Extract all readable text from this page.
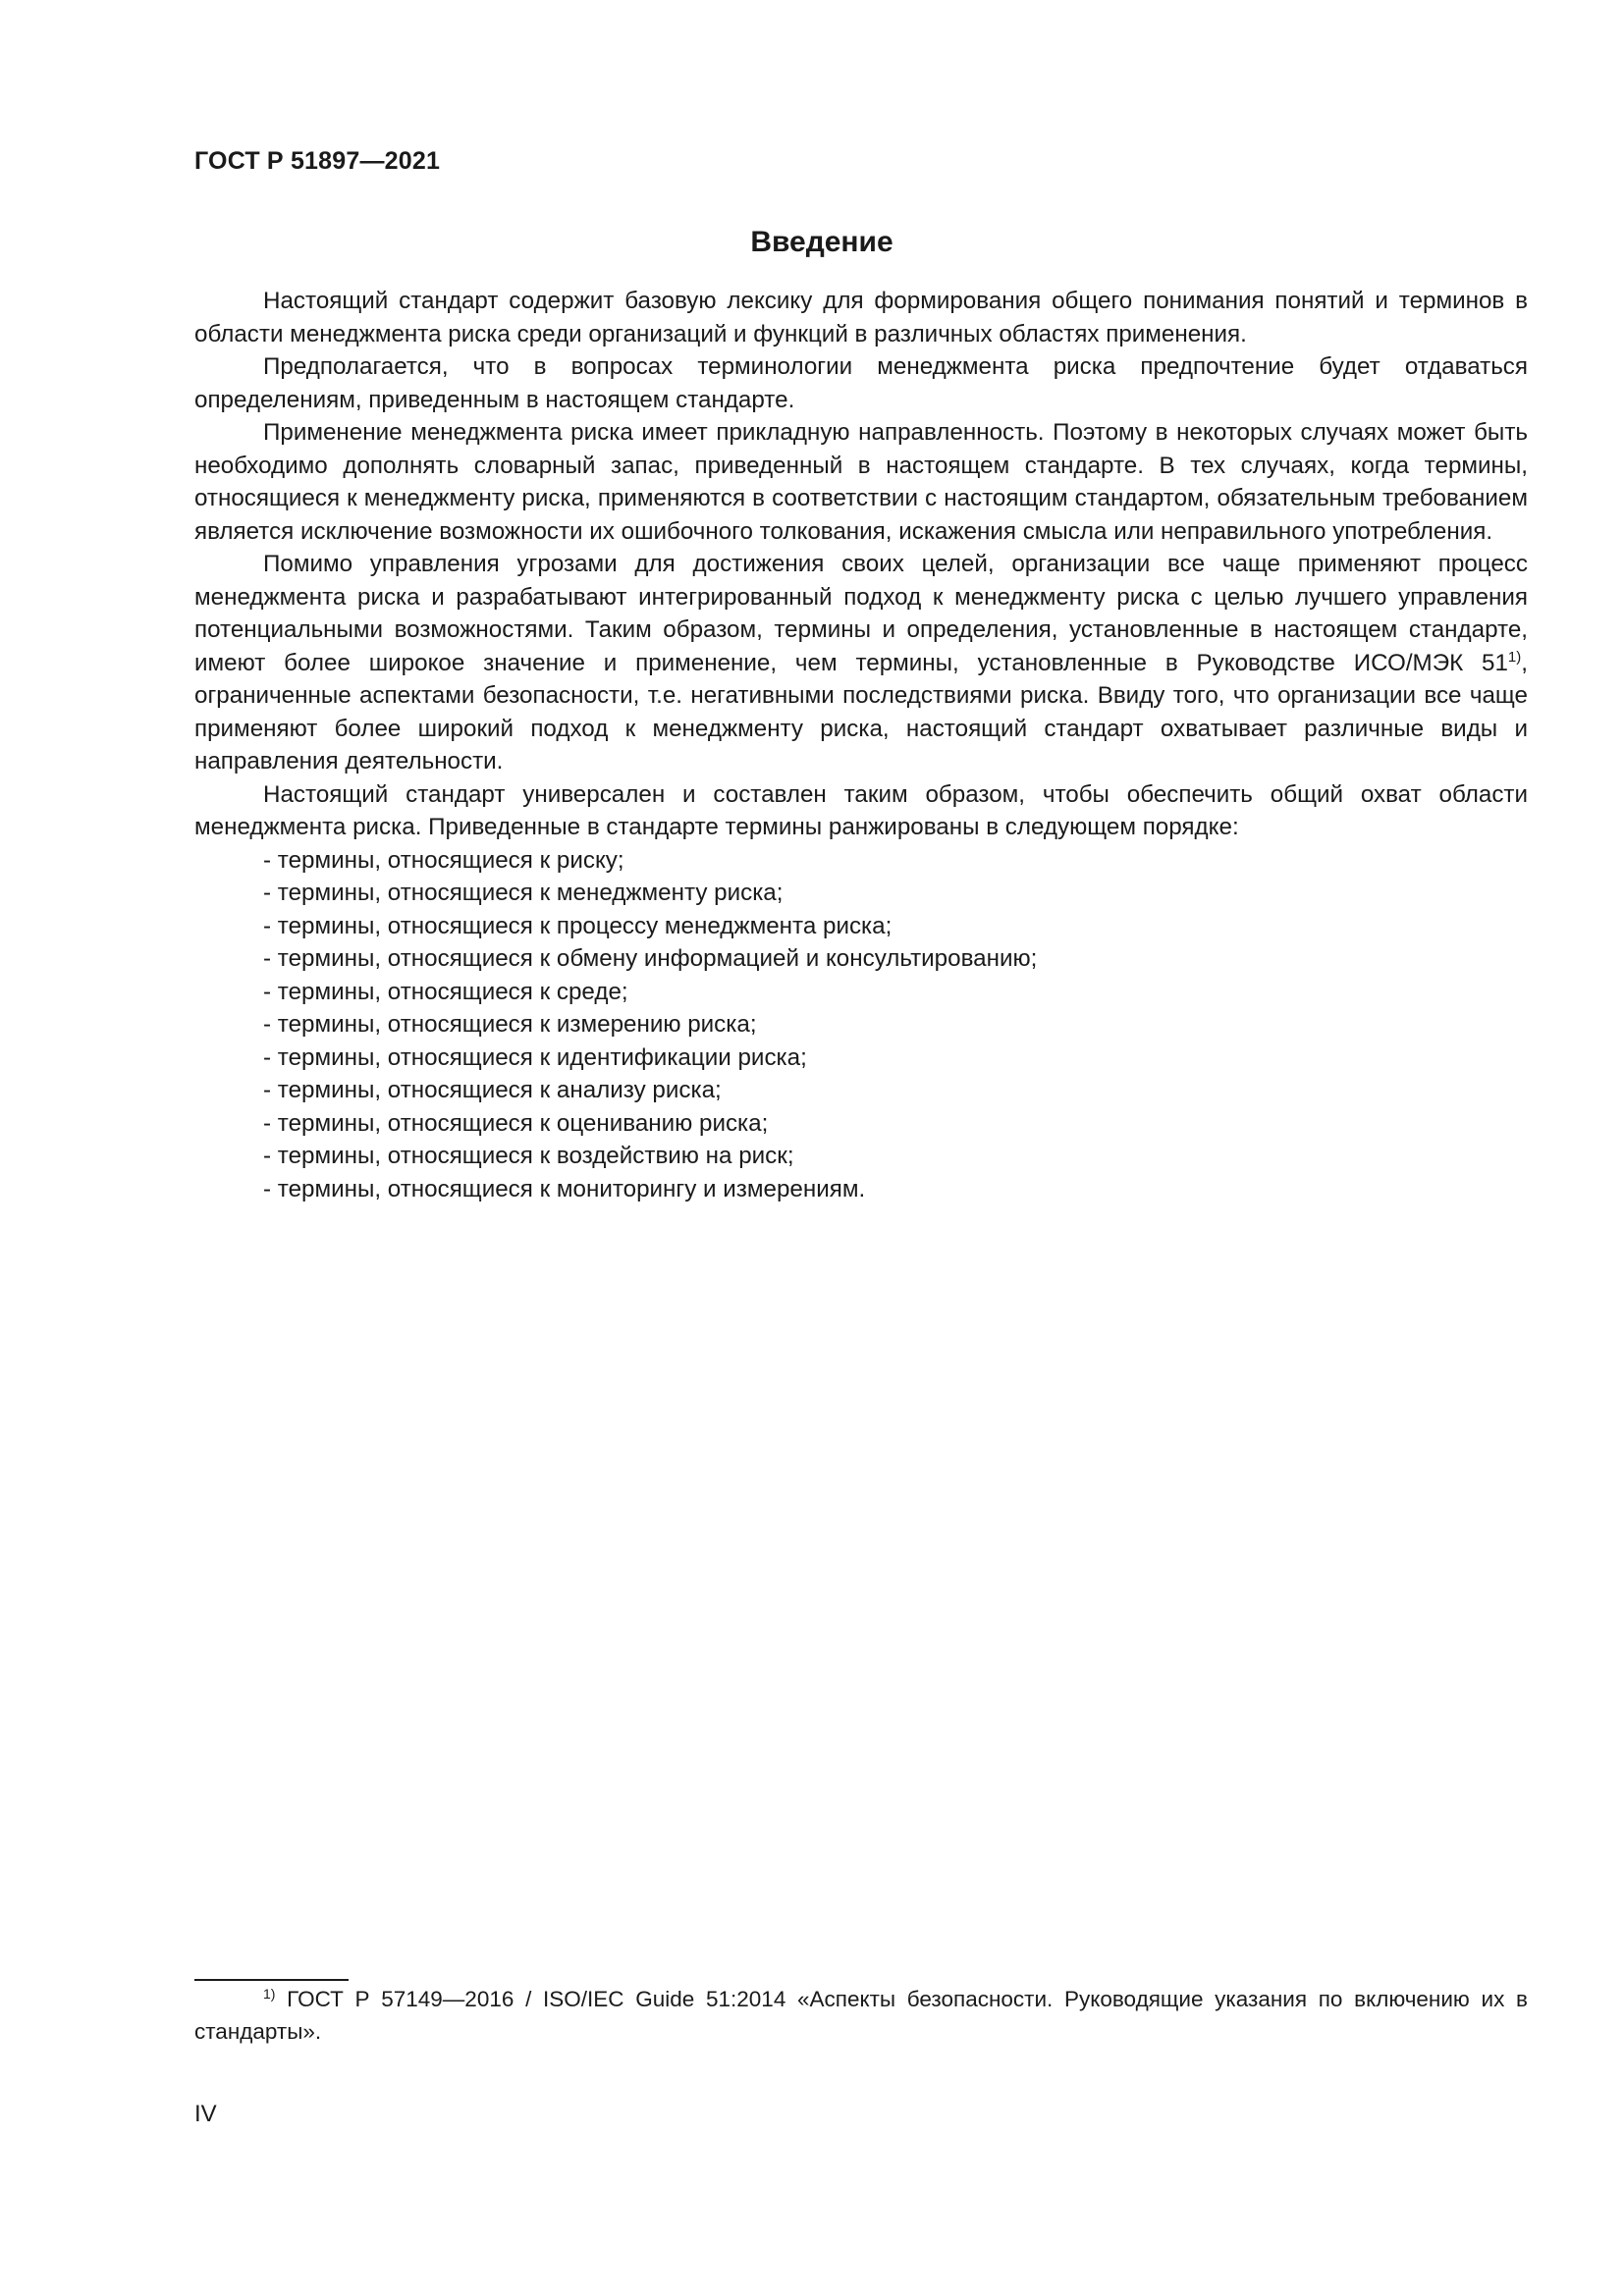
ГОСТ Р 51897—2021
Введение

Настоящий стандарт содержит базовую лексику для формирования общего понимания понятий и терминов в области менеджмента риска среди организаций и функций в различных областях применения.

Предполагается, что в вопросах терминологии менеджмента риска предпочтение будет отдаваться определениям, приведенным в настоящем стандарте.

Применение менеджмента риска имеет прикладную направленность. Поэтому в некоторых случаях может быть необходимо дополнять словарный запас, приведенный в настоящем стандарте. В тех случаях, когда термины, относящиеся к менеджменту риска, применяются в соответствии с настоящим стандартом, обязательным требованием является исключение возможности их ошибочного толкования, искажения смысла или неправильного употребления.

Помимо управления угрозами для достижения своих целей, организации все чаще применяют процесс менеджмента риска и разрабатывают интегрированный подход к менеджменту риска с целью лучшего управления потенциальными возможностями. Таким образом, термины и определения, установленные в настоящем стандарте, имеют более широкое значение и применение, чем термины, установленные в Руководстве ИСО/МЭК 51$^{1)}$, ограниченные аспектами безопасности, т.е. негативными последствиями риска. Ввиду того, что организации все чаще применяют более широкий подход к менеджменту риска, настоящий стандарт охватывает различные виды и направления деятельности.

Настоящий стандарт универсален и составлен таким образом, чтобы обеспечить общий охват области менеджмента риска. Приведенные в стандарте термины ранжированы в следующем порядке:

- термины, относящиеся к риску;
- термины, относящиеся к менеджменту риска;
- термины, относящиеся к процессу менеджмента риска;
- термины, относящиеся к обмену информацией и консультированию;
- термины, относящиеся к среде;
- термины, относящиеся к измерению риска;
- термины, относящиеся к идентификации риска;
- термины, относящиеся к анализу риска;
- термины, относящиеся к оцениванию риска;
- термины, относящиеся к воздействию на риск;
- термины, относящиеся к мониторингу и измерениям.

$^{1)}$ ГОСТ Р 57149—2016 / ISO/IEC Guide 51:2014 «Аспекты безопасности. Руководящие указания по включению их в стандарты».

IV
